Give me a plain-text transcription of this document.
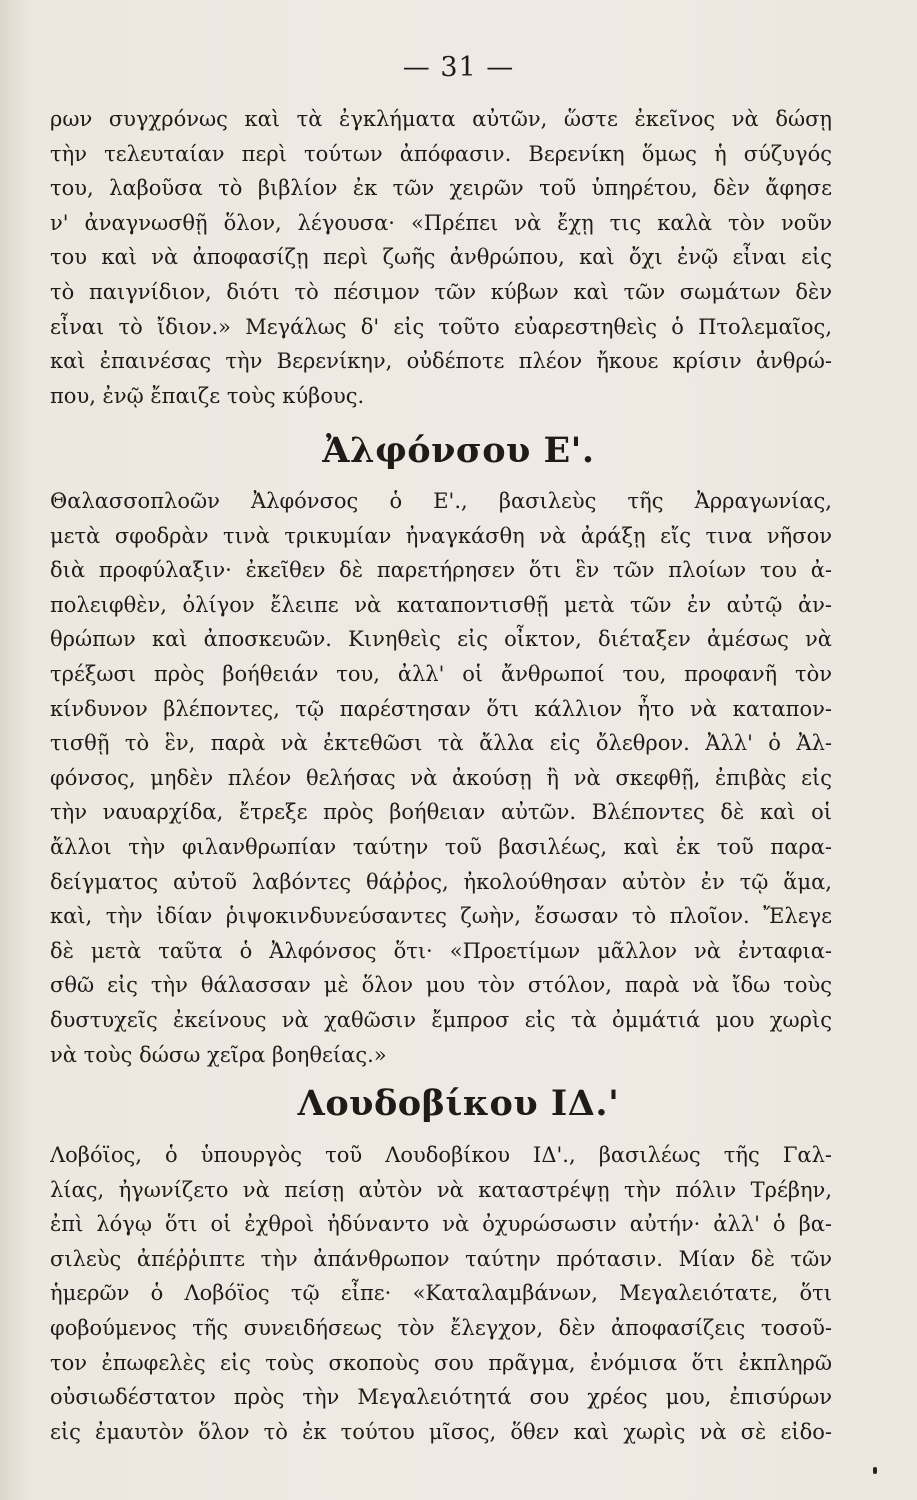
— 31 —
ρων συγχρόνως καὶ τὰ ἐγκλήματα αὐτῶν, ὥστε ἐκεῖνος νὰ δώσῃ
τὴν τελευταίαν περὶ τούτων ἀπόφασιν. Βερενίκη ὅμως ἡ σύζυγός
του, λαβοῦσα τὸ βιβλίον ἐκ τῶν χειρῶν τοῦ ὑπηρέτου, δὲν ἄφησε
ν' ἀναγνωσθῇ ὅλον, λέγουσα· «Πρέπει νὰ ἔχῃ τις καλὰ τὸν νοῦν
του καὶ νὰ ἀποφασίζῃ περὶ ζωῆς ἀνθρώπου, καὶ ὄχι ἐνῷ εἶναι εἰς
τὸ παιγνίδιον, διότι τὸ πέσιμον τῶν κύβων καὶ τῶν σωμάτων δὲν
εἶναι τὸ ἴδιον.» Μεγάλως δ' εἰς τοῦτο εὐαρεστηθεὶς ὁ Πτολεμαῖος,
καὶ ἐπαινέσας τὴν Βερενίκην, οὐδέποτε πλέον ἤκουε κρίσιν ἀνθρώ-
που, ἐνῷ ἔπαιζε τοὺς κύβους.
Ἀλφόνσου Ε'.
Θαλασσοπλοῶν Ἀλφόνσος ὁ Ε'., βασιλεὺς τῆς Ἀρραγωνίας,
μετὰ σφοδρὰν τινὰ τρικυμίαν ἠναγκάσθη νὰ ἀράξῃ εἴς τινα νῆσον
διὰ προφύλαξιν· ἐκεῖθεν δὲ παρετήρησεν ὅτι ἓν τῶν πλοίων του ἀ-
πολειφθὲν, ὀλίγον ἔλειπε νὰ καταποντισθῇ μετὰ τῶν ἐν αὐτῷ ἀν-
θρώπων καὶ ἀποσκευῶν. Κινηθεὶς εἰς οἶκτον, διέταξεν ἀμέσως νὰ
τρέξωσι πρὸς βοήθειάν του, ἀλλ' οἱ ἄνθρωποί του, προφανῆ τὸν
κίνδυνον βλέποντες, τῷ παρέστησαν ὅτι κάλλιον ἦτο νὰ καταπον-
τισθῇ τὸ ἓν, παρὰ νὰ ἐκτεθῶσι τὰ ἄλλα εἰς ὄλεθρον. Ἀλλ' ὁ Ἀλ-
φόνσος, μηδὲν πλέον θελήσας νὰ ἀκούσῃ ἢ νὰ σκεφθῇ, ἐπιβὰς εἰς
τὴν ναυαρχίδα, ἔτρεξε πρὸς βοήθειαν αὐτῶν. Βλέποντες δὲ καὶ οἱ
ἄλλοι τὴν φιλανθρωπίαν ταύτην τοῦ βασιλέως, καὶ ἐκ τοῦ παρα-
δείγματος αὐτοῦ λαβόντες θάῤῥος, ἠκολούθησαν αὐτὸν ἐν τῷ ἅμα,
καὶ, τὴν ἰδίαν ῥιψοκινδυνεύσαντες ζωὴν, ἔσωσαν τὸ πλοῖον. Ἔλεγε
δὲ μετὰ ταῦτα ὁ Ἀλφόνσος ὅτι· «Προετίμων μᾶλλον νὰ ἐνταφια-
σθῶ εἰς τὴν θάλασσαν μὲ ὅλον μου τὸν στόλον, παρὰ νὰ ἴδω τοὺς
δυστυχεῖς ἐκείνους νὰ χαθῶσιν ἔμπροσ εἰς τὰ ὀμμάτιά μου χωρὶς
νὰ τοὺς δώσω χεῖρα βοηθείας.»
Λουδοβίκου ΙΔ.'
Λοβόϊος, ὁ ὑπουργὸς τοῦ Λουδοβίκου ΙΔ'., βασιλέως τῆς Γαλ-
λίας, ἠγωνίζετο νὰ πείσῃ αὐτὸν νὰ καταστρέψῃ τὴν πόλιν Τρέβην,
ἐπὶ λόγῳ ὅτι οἱ ἐχθροὶ ἠδύναντο νὰ ὀχυρώσωσιν αὐτήν· ἀλλ' ὁ βα-
σιλεὺς ἀπέῤῥιπτε τὴν ἀπάνθρωπον ταύτην πρότασιν. Μίαν δὲ τῶν
ἡμερῶν ὁ Λοβόϊος τῷ εἶπε· «Καταλαμβάνων, Μεγαλειότατε, ὅτι
φοβούμενος τῆς συνειδήσεως τὸν ἔλεγχον, δὲν ἀποφασίζεις τοσοῦ-
τον ἐπωφελὲς εἰς τοὺς σκοποὺς σου πρᾶγμα, ἐνόμισα ὅτι ἐκπληρῶ
οὐσιωδέστατον πρὸς τὴν Μεγαλειότητά σου χρέος μου, ἐπισύρων
εἰς ἐμαυτὸν ὅλον τὸ ἐκ τούτου μῖσος, ὅθεν καὶ χωρὶς νὰ σὲ εἰδο-
